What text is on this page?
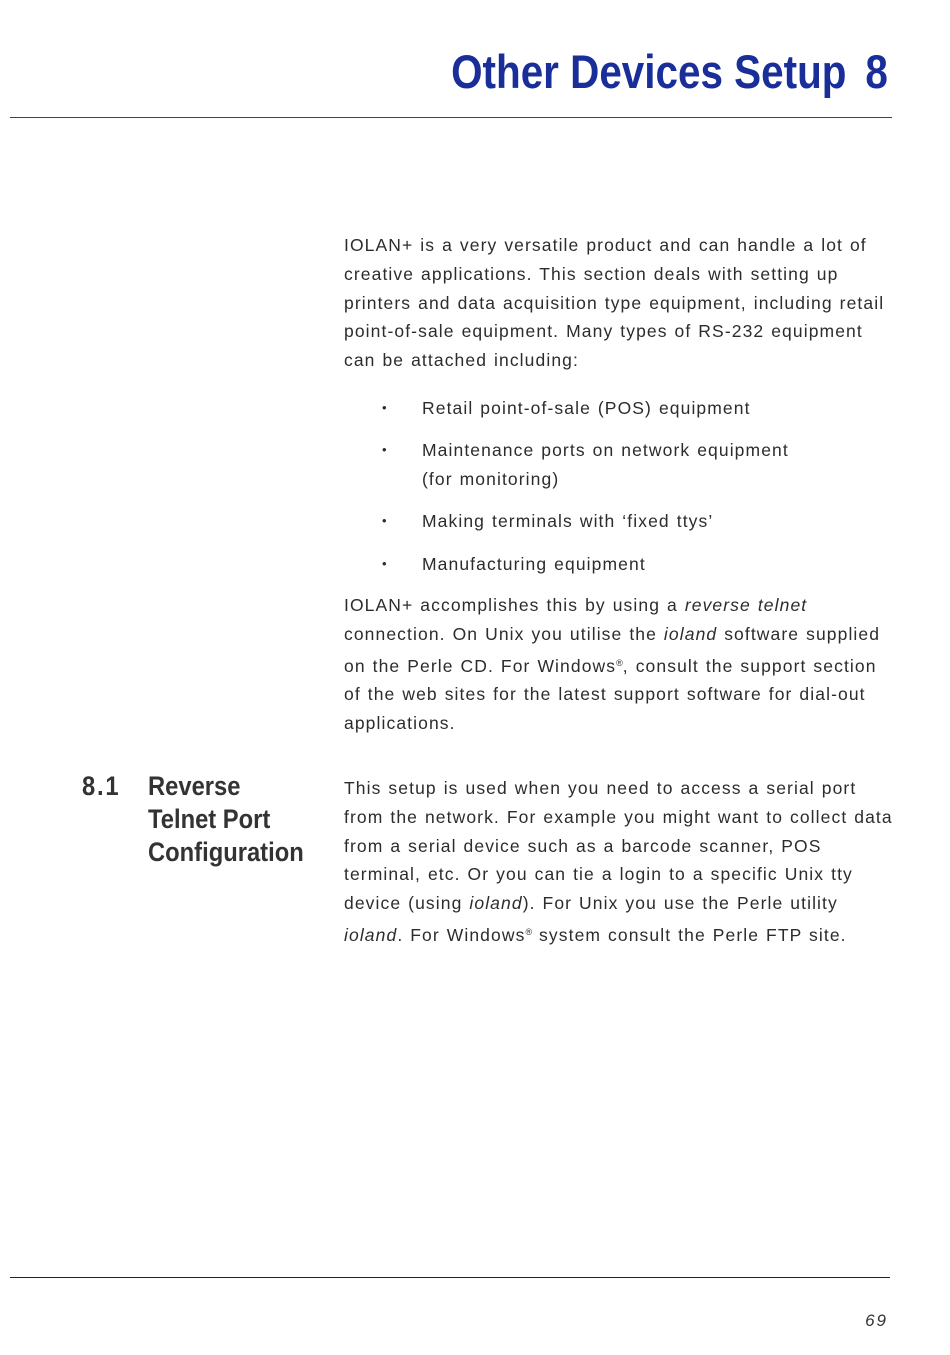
Other Devices Setup 8

IOLAN+ is a very versatile product and can handle a lot of creative applications. This section deals with setting up printers and data acquisition type equipment, including retail point-of-sale equipment. Many types of RS-232 equipment can be attached including:

• Retail point-of-sale (POS) equipment
• Maintenance ports on network equipment
(for monitoring)
• Making terminals with ‘fixed ttys’
• Manufacturing equipment

IOLAN+ accomplishes this by using a reverse telnet connection. On Unix you utilise the ioland software supplied on the Perle CD. For Windows®, consult the support section of the web sites for the latest support software for dial-out applications.

8.1 Reverse
Telnet Port
Configuration

This setup is used when you need to access a serial port from the network. For example you might want to collect data from a serial device such as a barcode scanner, POS terminal, etc. Or you can tie a login to a specific Unix tty device (using ioland). For Unix you use the Perle utility ioland. For Windows® system consult the Perle FTP site.

69
